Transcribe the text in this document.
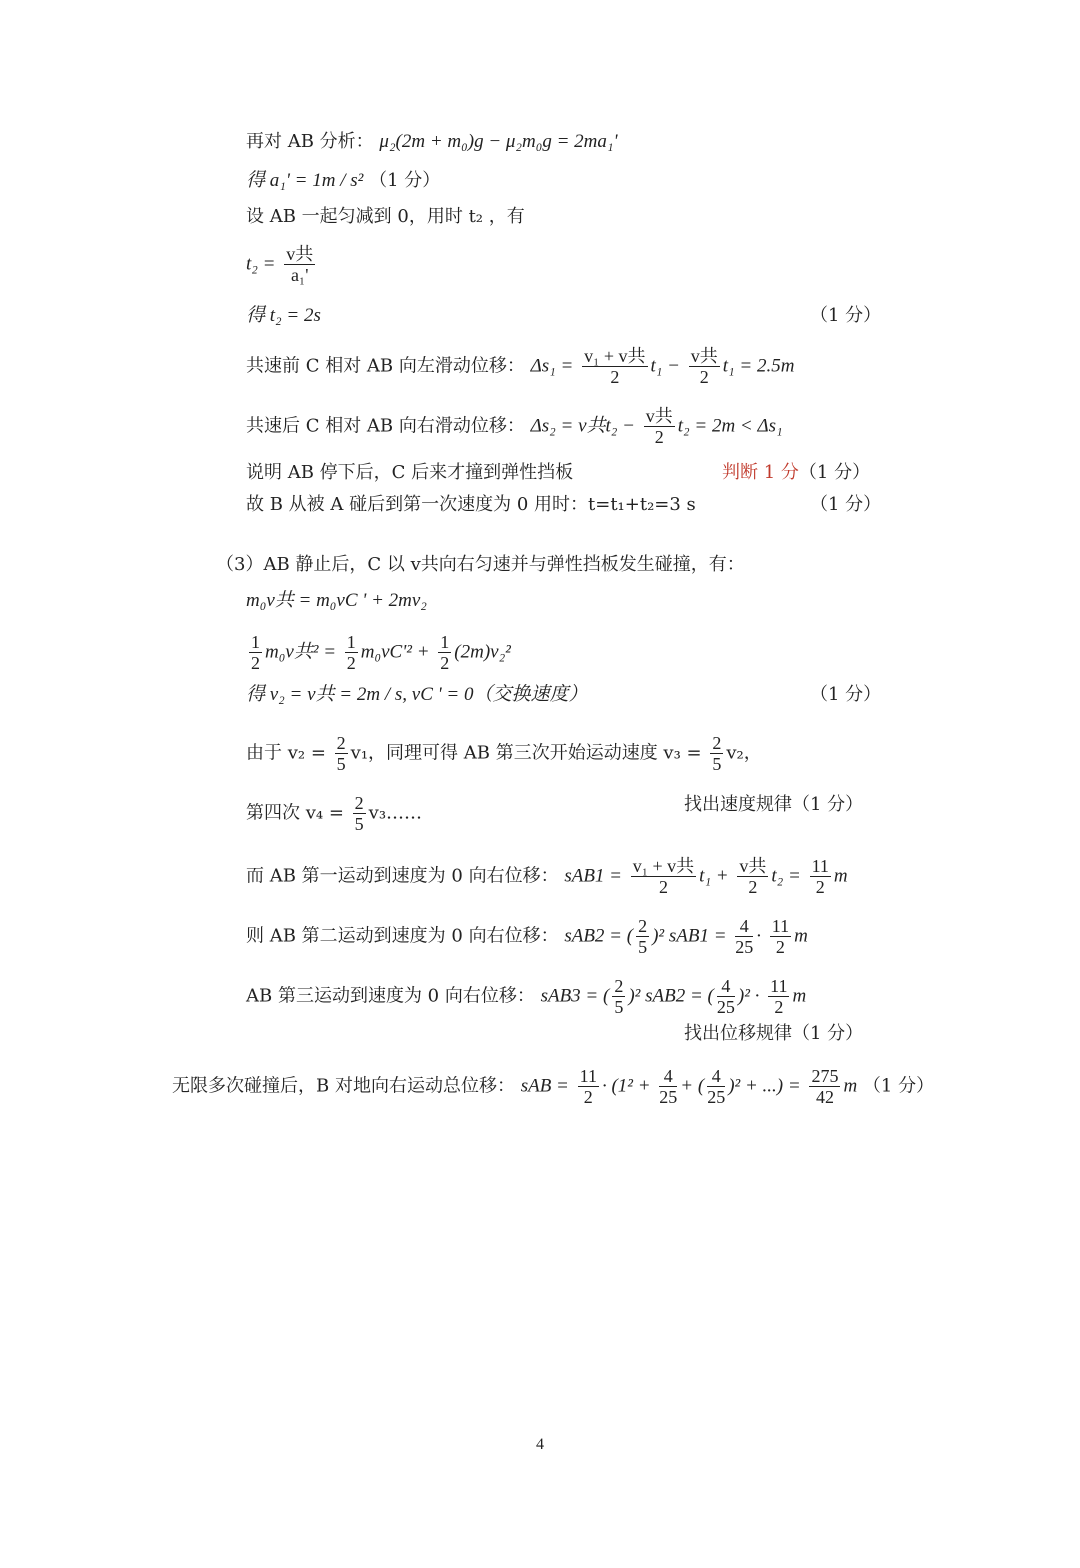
再对 AB 分析： μ₂(2m + m₀)g − μ₂m₀g = 2ma₁'
得 a₁' = 1m / s² （1 分）
设 AB 一起匀减到 0，用时 t₂ ，有
$t_2 = \frac{\text{v共}}{\text{a₁'}}$
得 t₂ = 2s	（1 分）
共速前 C 相对 AB 向左滑动位移： $\Delta s_1 = \frac{\text{v₁ + v共}}{2} t_1 - \frac{\text{v共}}{2} t_1 = 2.5m$
共速后 C 相对 AB 向右滑动位移： Δs₂ = v共$t_2 - \frac{\text{v共}}{2} t_2 = 2m < \Delta s_1$
说明 AB 停下后，C 后来才撞到弹性挡板	判断 1 分（1 分）
故 B 从被 A 碰后到第一次速度为 0 用时：t=t₁+t₂=3 s	（1 分）
（3）AB 静止后，C 以 v共向右匀速并与弹性挡板发生碰撞，有：
m₀v共 = m₀vC ' + 2mv₂
$\frac{1}{2} m_0v$共$^2 = \frac{1}{2} m_0vC'^2 + \frac{1}{2} (2m)v_2^2$
得 v₂ = v共 = 2m / s, vC ' = 0（交换速度）	（1 分）
由于 $v_2 = \frac{2}{5} v_1$，同理可得 AB 第三次开始运动速度 $v_3 = \frac{2}{5} v_2$，
第四次 $v_4 = \frac{2}{5}$ v₃……	找出速度规律（1 分）
而 AB 第一运动到速度为 0 向右位移： $sAB1 = \frac{\text{v₁ + v共}}{2} t_1 + \frac{\text{v共}}{2} t_2 = \frac{11}{2}$ m
则 AB 第二运动到速度为 0 向右位移： sAB2 = ( $\frac{2}{5} )^2$ $sAB1 = \frac{4}{25} \cdot \frac{11}{2}$ m
AB 第三运动到速度为 0 向右位移： sAB3 = ( $\frac{2}{5} )^2$ sAB2 = ( $\frac{4}{25} )^2 \cdot \frac{11}{2}$ m
找出位移规律（1 分）
无限多次碰撞后，B 对地向右运动总位移： sAB = $\frac{11}{2} \cdot (1^2 + \frac{4}{25}$ + ( $\frac{4}{25} )^2$ + ...) = $\frac{275}{42}$ m （1 分）
4
